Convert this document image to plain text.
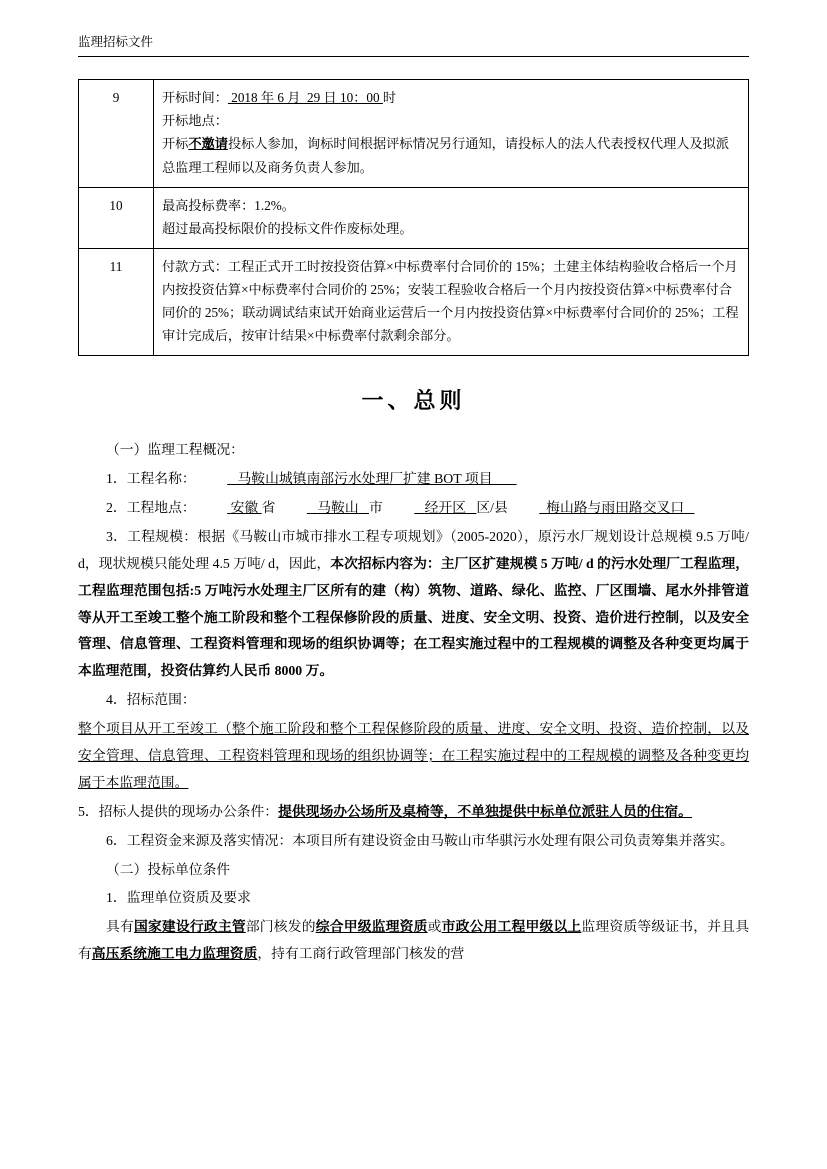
监理招标文件
9	开标时间： 2018 年 6 月  29 日 10：00 时
开标地点：
开标不邀请投标人参加，询标时间根据评标情况另行通知，请投标人的法人代表授权代理人及拟派总监理工程师以及商务负责人参加。

10	最高投标费率：1.2%。
超过最高投标限价的投标文件作废标处理。

11	付款方式：工程正式开工时按投资估算×中标费率付合同价的 15%；土建主体结构验收合格后一个月内按投资估算×中标费率付合同价的 25%；安装工程验收合格后一个月内按投资估算×中标费率付合同价的 25%；联动调试结束试开始商业运营后一个月内按投资估算×中标费率付合同价的 25%；工程审计完成后，按审计结果×中标费率付款剩余部分。
一、总则

（一）监理工程概况：

1．工程名称：	马鞍山城镇南部污水处理厂扩建 BOT 项目

2．工程地点：	安徽 省	马鞍山 市	经开区 区/县	梅山路与雨田路交叉口

3．工程规模：根据《马鞍山市城市排水工程专项规划》（2005-2020），原污水厂规划设计总规模 9.5 万吨/ d，现状规模只能处理 4.5 万吨/ d，因此，本次招标内容为：主厂区扩建规模 5 万吨/ d 的污水处理厂工程监理，工程监理范围包括:5 万吨污水处理主厂区所有的建（构）筑物、道路、绿化、监控、厂区围墙、尾水外排管道等从开工至竣工整个施工阶段和整个工程保修阶段的质量、进度、安全文明、投资、造价进行控制，以及安全管理、信息管理、工程资料管理和现场的组织协调等；在工程实施过程中的工程规模的调整及各种变更均属于本监理范围，投资估算约人民币 8000 万。

4．招标范围：

整个项目从开工至竣工（整个施工阶段和整个工程保修阶段的质量、进度、安全文明、投资、造价控制，以及安全管理、信息管理、工程资料管理和现场的组织协调等；在工程实施过程中的工程规模的调整及各种变更均属于本监理范围。

5．招标人提供的现场办公条件：提供现场办公场所及桌椅等，不单独提供中标单位派驻人员的住宿。

6．工程资金来源及落实情况：本项目所有建设资金由马鞍山市华骐污水处理有限公司负责筹集并落实。

（二）投标单位条件

1．监理单位资质及要求

具有国家建设行政主管部门核发的综合甲级监理资质或市政公用工程甲级以上监理资质等级证书，并且具有高压系统施工电力监理资质，持有工商行政管理部门核发的营
